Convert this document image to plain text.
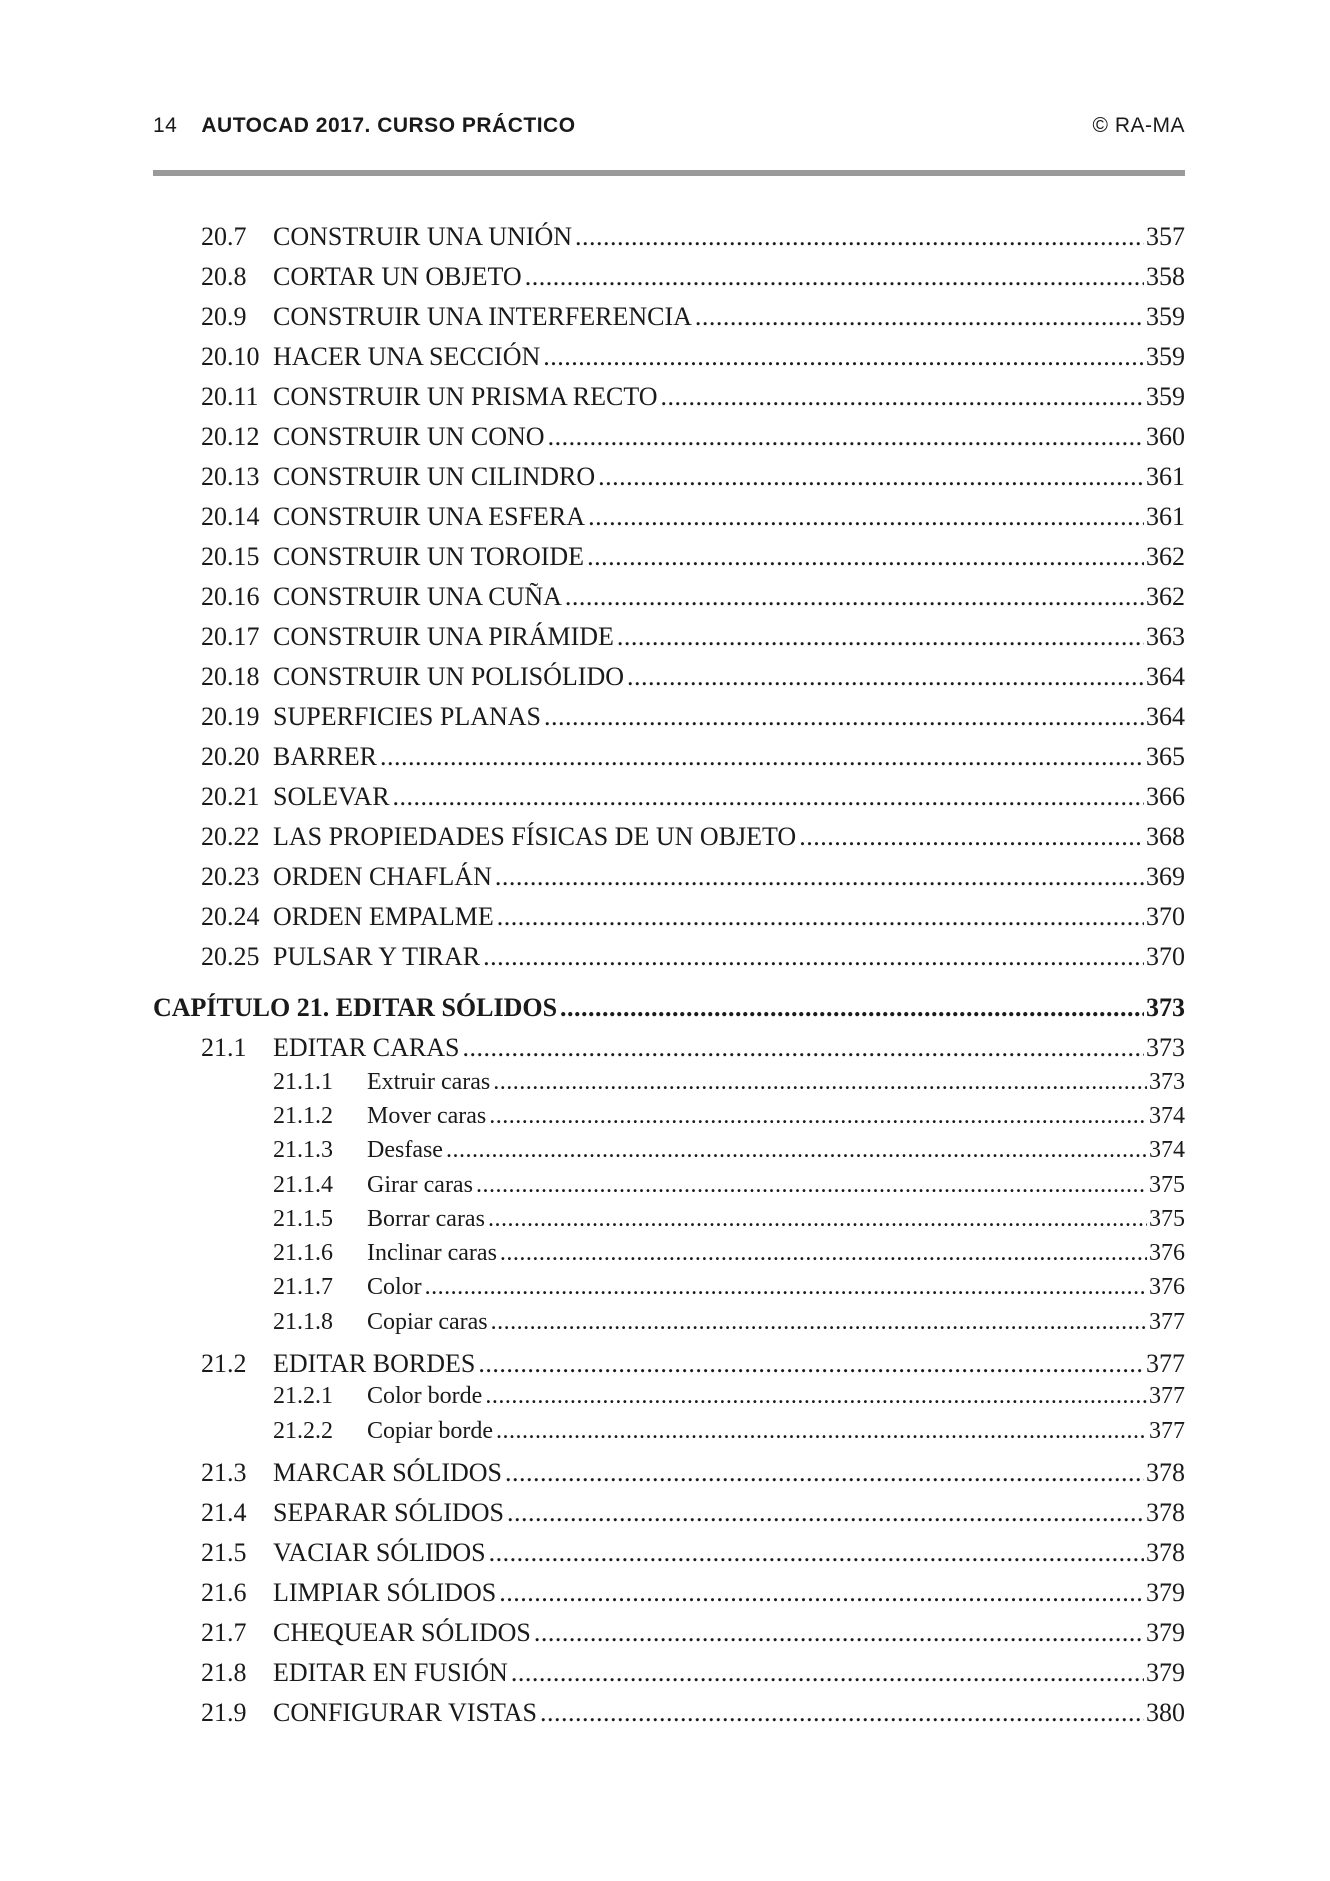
14 AUTOCAD 2017. CURSO PRÁCTICO	© RA-MA
20.7	CONSTRUIR UNA UNIÓN .....	357
20.8	CORTAR UN OBJETO .....	358
20.9	CONSTRUIR UNA INTERFERENCIA .....	359
20.10 HACER UNA SECCIÓN .....	359
20.11 CONSTRUIR UN PRISMA RECTO .....	359
20.12 CONSTRUIR UN CONO .....	360
20.13 CONSTRUIR UN CILINDRO .....	361
20.14 CONSTRUIR UNA ESFERA .....	361
20.15 CONSTRUIR UN TOROIDE .....	362
20.16 CONSTRUIR UNA CUÑA .....	362
20.17 CONSTRUIR UNA PIRÁMIDE .....	363
20.18 CONSTRUIR UN POLISÓLIDO .....	364
20.19 SUPERFICIES PLANAS .....	364
20.20 BARRER .....	365
20.21 SOLEVAR .....	366
20.22 LAS PROPIEDADES FÍSICAS DE UN OBJETO .....	368
20.23 ORDEN CHAFLÁN .....	369
20.24 ORDEN EMPALME .....	370
20.25 PULSAR Y TIRAR .....	370
CAPÍTULO 21. EDITAR SÓLIDOS .....	373
21.1	EDITAR CARAS .....	373
21.1.1	Extruir caras .....	373
21.1.2	Mover caras .....	374
21.1.3	Desfase .....	374
21.1.4	Girar caras .....	375
21.1.5	Borrar caras .....	375
21.1.6	Inclinar caras .....	376
21.1.7	Color .....	376
21.1.8	Copiar caras .....	377
21.2	EDITAR BORDES .....	377
21.2.1	Color borde .....	377
21.2.2	Copiar borde .....	377
21.3	MARCAR SÓLIDOS .....	378
21.4	SEPARAR SÓLIDOS .....	378
21.5	VACIAR SÓLIDOS .....	378
21.6	LIMPIAR SÓLIDOS .....	379
21.7	CHEQUEAR SÓLIDOS .....	379
21.8	EDITAR EN FUSIÓN .....	379
21.9	CONFIGURAR VISTAS .....	380
